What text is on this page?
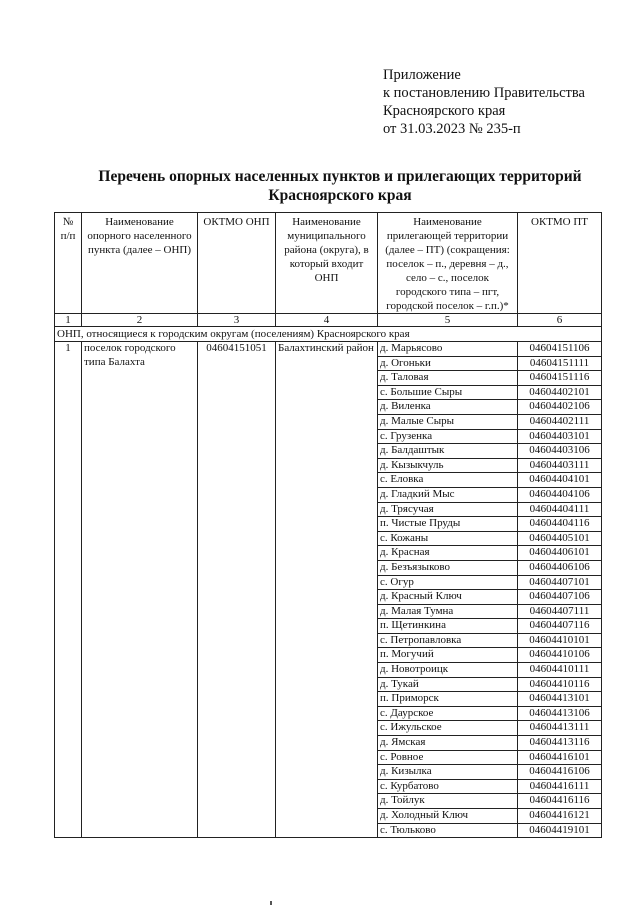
Приложение
к постановлению Правительства
Красноярского края
от 31.03.2023 № 235-п
Перечень опорных населенных пунктов и прилегающих территорий
Красноярского края
№ п/п	Наименование опорного населенного пункта (далее – ОНП)	ОКТМО ОНП	Наименование муниципального района (округа), в который входит ОНП	Наименование прилегающей территории (далее – ПТ) (сокращения: поселок – п., деревня – д., село – с., поселок городского типа – пгт, городской поселок – г.п.)*	ОКТМО ПТ
1	2	3	4	5	6
ОНП, относящиеся к городским округам (поселениям) Красноярского края					
1	поселок городского типа Балахта	04604151051	Балахтинский район	д. Марьясово	04604151106
				д. Огоньки	04604151111
				д. Таловая	04604151116
				с. Большие Сыры	04604402101
				д. Виленка	04604402106
				д. Малые Сыры	04604402111
				с. Грузенка	04604403101
				д. Балдаштык	04604403106
				д. Кызыкчуль	04604403111
				с. Еловка	04604404101
				д. Гладкий Мыс	04604404106
				д. Трясучая	04604404111
				п. Чистые Пруды	04604404116
				с. Кожаны	04604405101
				д. Красная	04604406101
				д. Безъязыково	04604406106
				с. Огур	04604407101
				д. Красный Ключ	04604407106
				д. Малая Тумна	04604407111
				п. Щетинкина	04604407116
				с. Петропавловка	04604410101
				п. Могучий	04604410106
				д. Новотроицк	04604410111
				д. Тукай	04604410116
				п. Приморск	04604413101
				с. Даурское	04604413106
				с. Ижульское	04604413111
				д. Ямская	04604413116
				с. Ровное	04604416101
				д. Кизылка	04604416106
				с. Курбатово	04604416111
				д. Тойлук	04604416116
				д. Холодный Ключ	04604416121
				с. Тюльково	04604419101
